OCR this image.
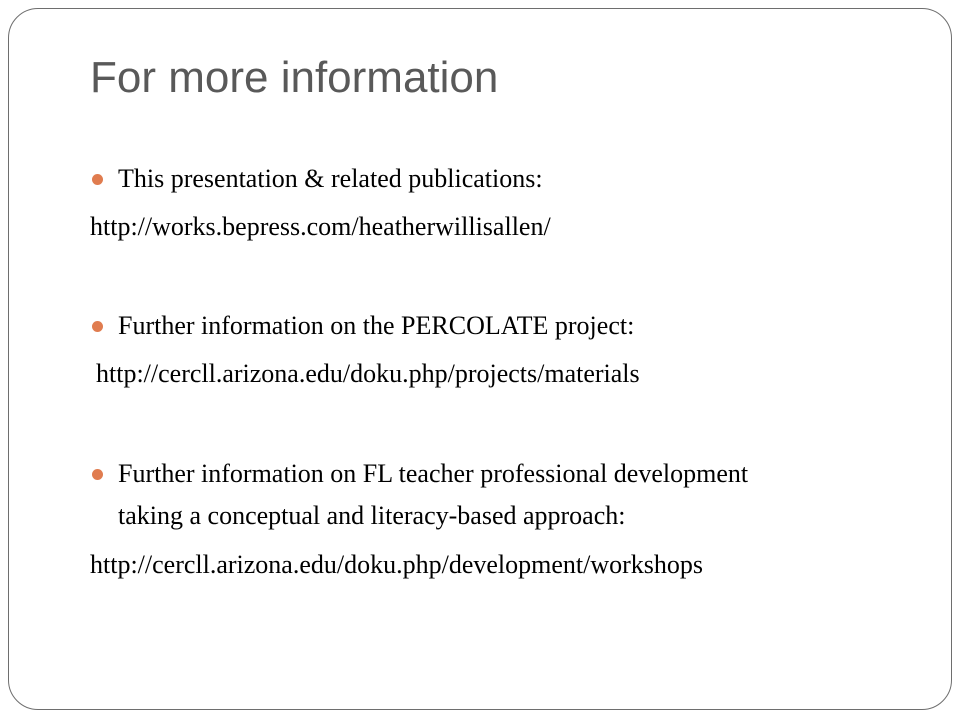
For more information
This presentation & related publications:
http://works.bepress.com/heatherwillisallen/
Further information on the PERCOLATE project:
http://cercll.arizona.edu/doku.php/projects/materials
Further information on FL teacher professional development
taking a conceptual and literacy-based approach:
http://cercll.arizona.edu/doku.php/development/workshops
